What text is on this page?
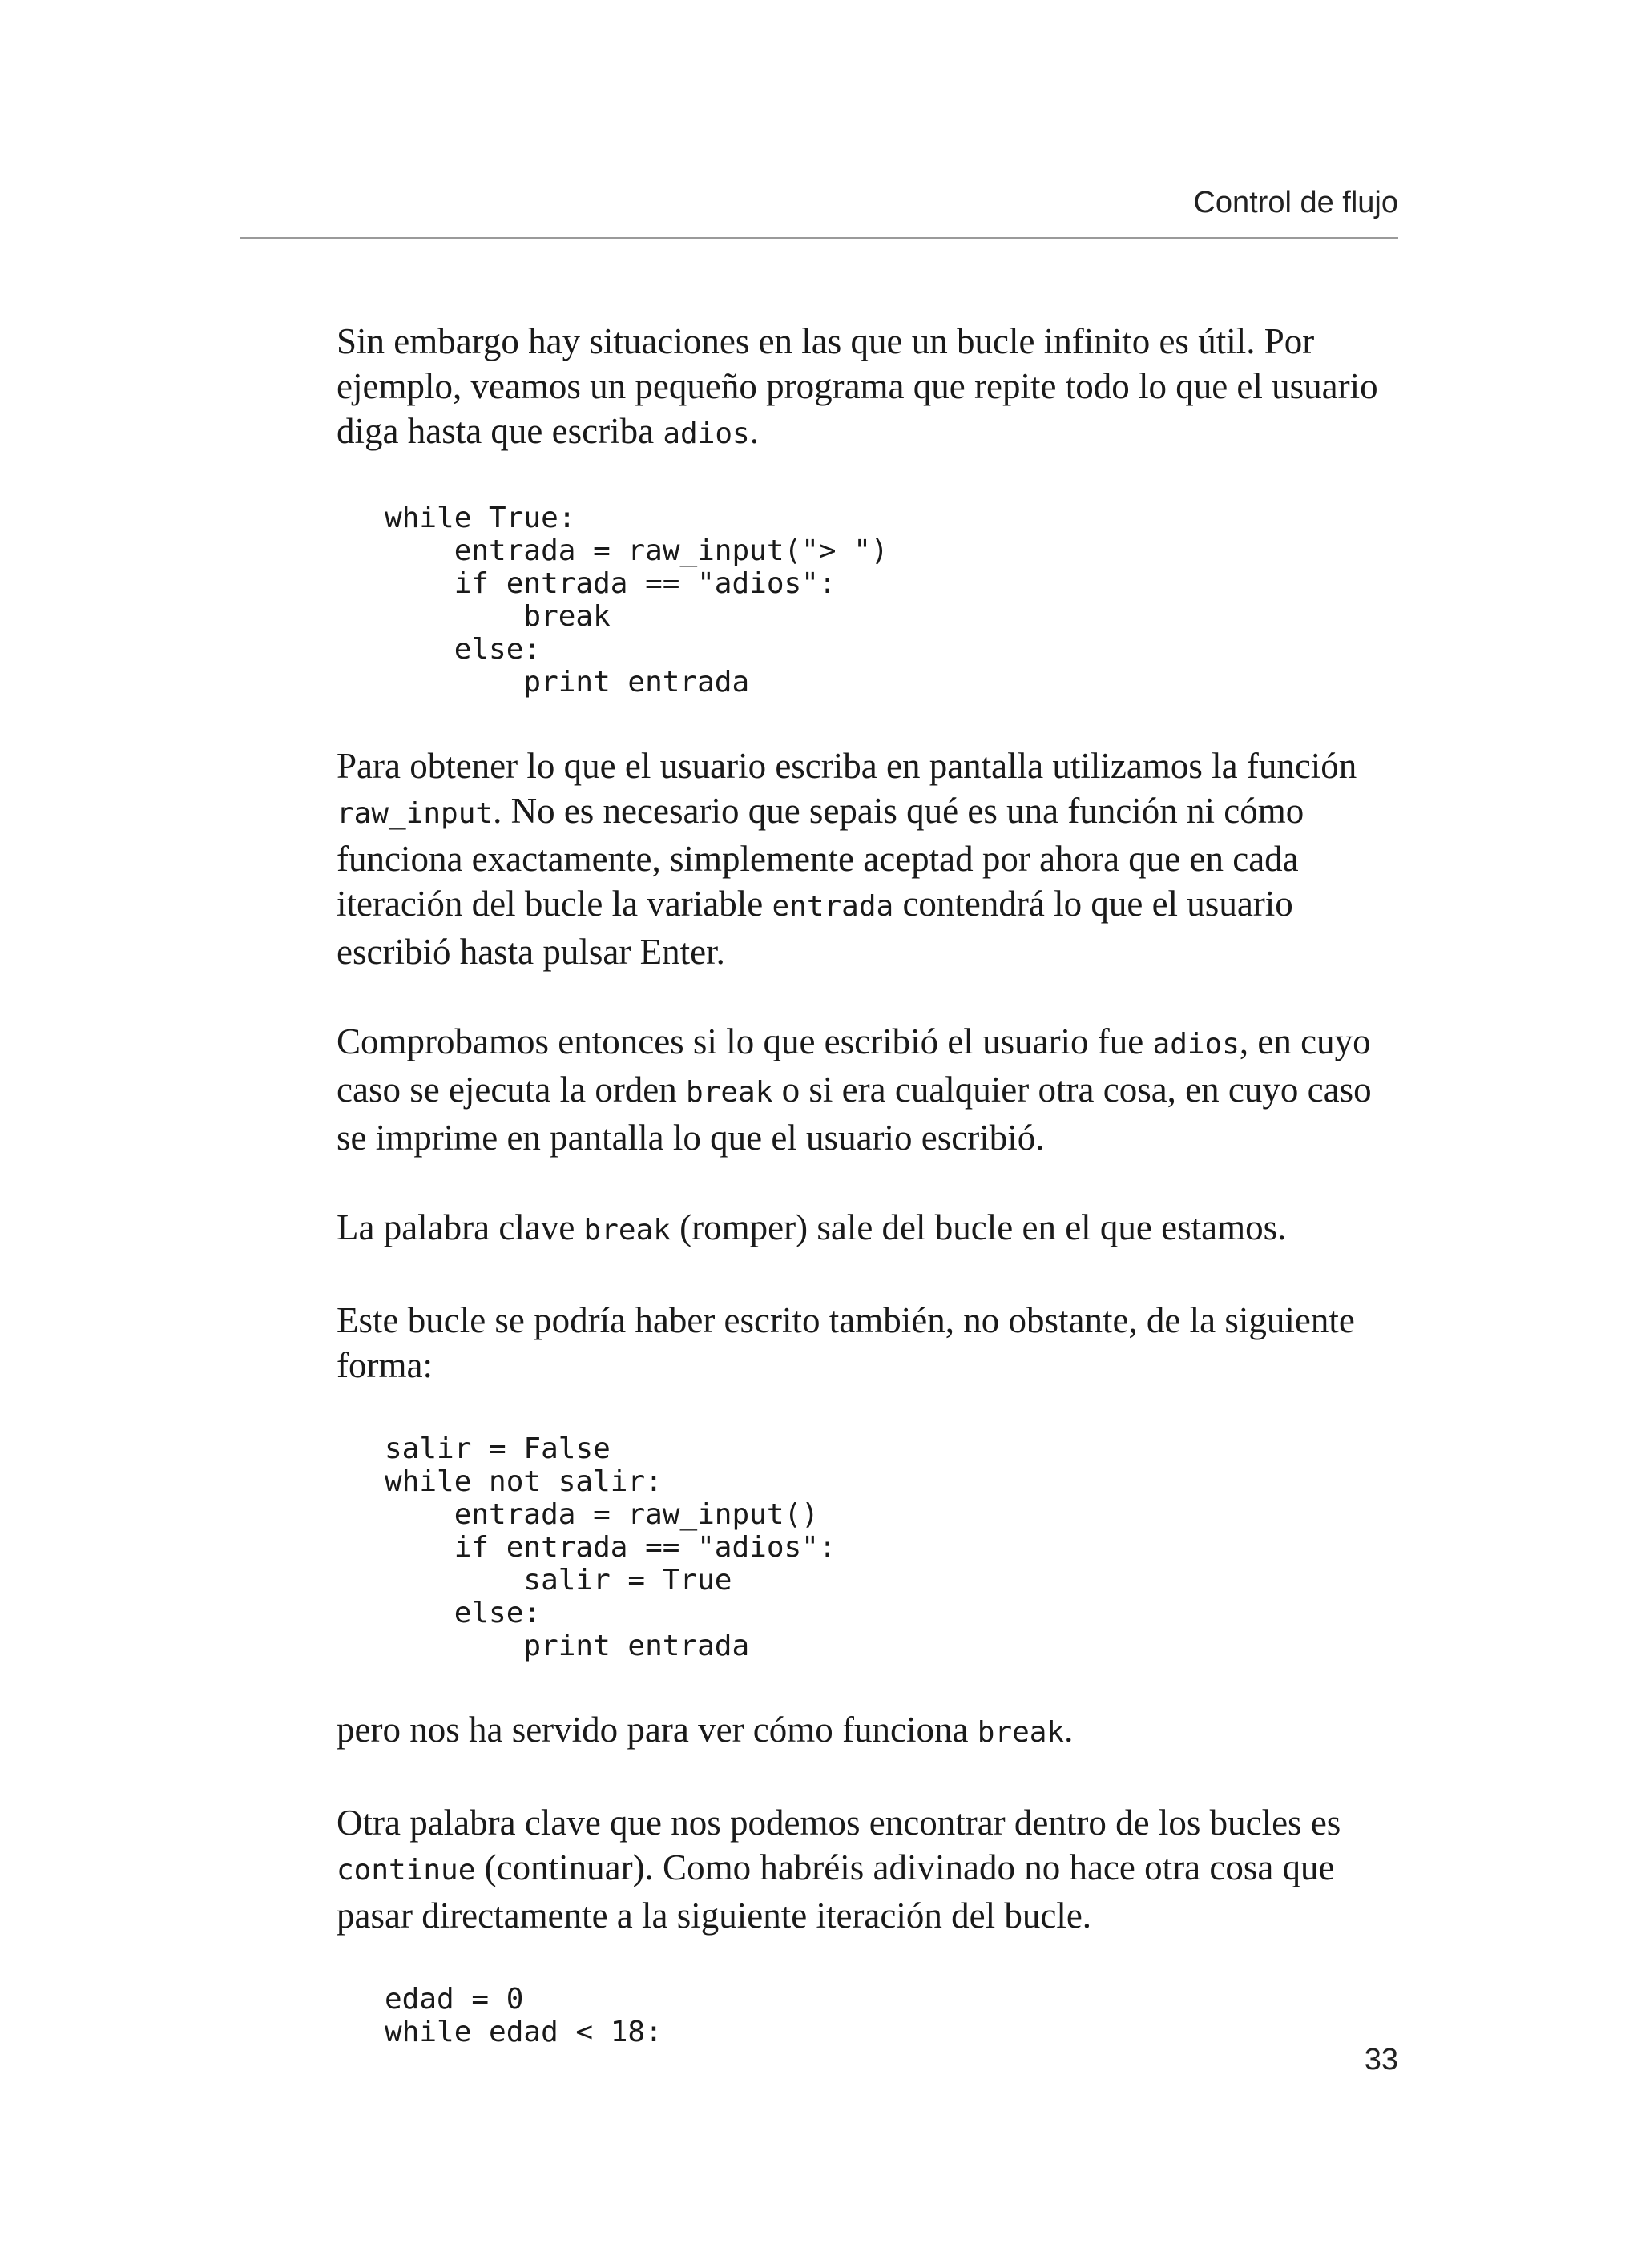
Control de flujo

Sin embargo hay situaciones en las que un bucle infinito es útil. Por ejemplo, veamos un pequeño programa que repite todo lo que el usuario diga hasta que escriba adios.

while True:
entrada = raw_input("> ")
if entrada == "adios":
break
else:
print entrada

Para obtener lo que el usuario escriba en pantalla utilizamos la función raw_input. No es necesario que sepais qué es una función ni cómo funciona exactamente, simplemente aceptad por ahora que en cada iteración del bucle la variable entrada contendrá lo que el usuario escribió hasta pulsar Enter.

Comprobamos entonces si lo que escribió el usuario fue adios, en cuyo caso se ejecuta la orden break o si era cualquier otra cosa, en cuyo caso se imprime en pantalla lo que el usuario escribió.

La palabra clave break (romper) sale del bucle en el que estamos.

Este bucle se podría haber escrito también, no obstante, de la siguiente forma:

salir = False
while not salir:
entrada = raw_input()
if entrada == "adios":
salir = True
else:
print entrada

pero nos ha servido para ver cómo funciona break.

Otra palabra clave que nos podemos encontrar dentro de los bucles es continue (continuar). Como habréis adivinado no hace otra cosa que pasar directamente a la siguiente iteración del bucle.

edad = 0
while edad < 18:
33
